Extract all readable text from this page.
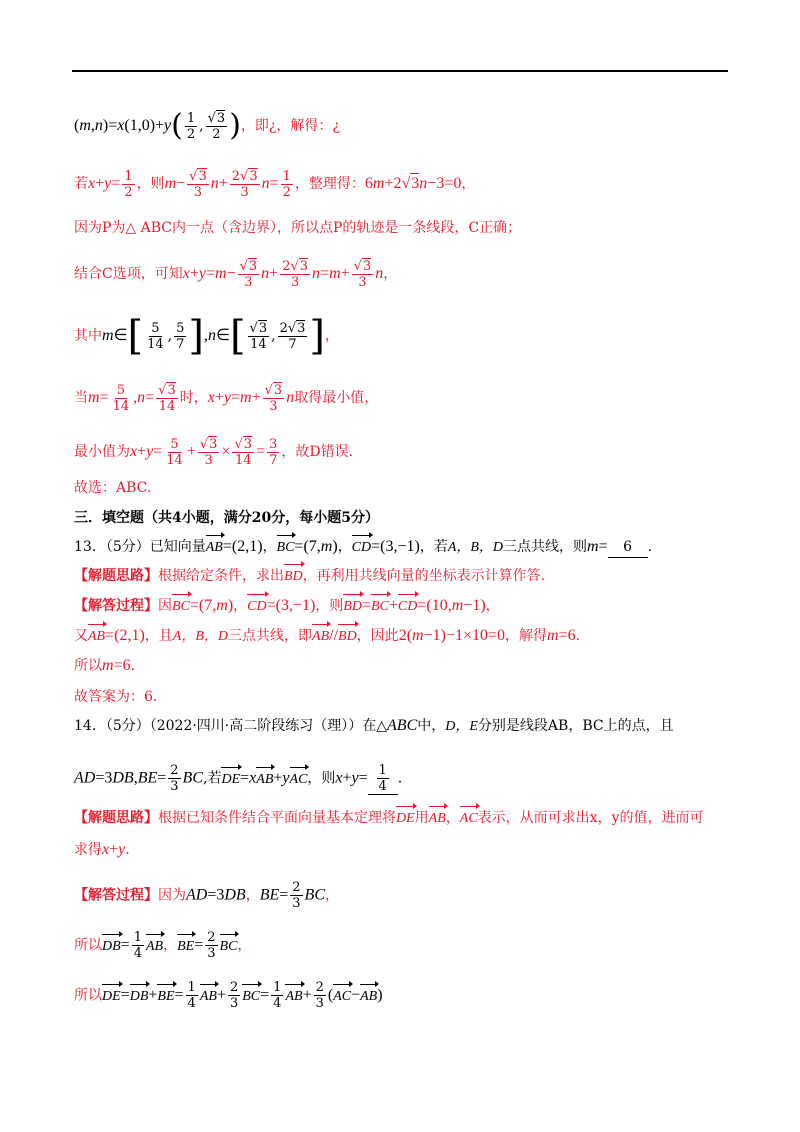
$(m,n)=x(1,0)+y( \frac{1}{2}$ , $\frac{√3}{2}$ )，即¿，解得：¿
若$x+y= \frac{1}{2}$ ，则$m- \frac{√3}{3} n+ \frac{2√3}{3} n= \frac{1}{2}$ ，整理得：6m+2√3n−3=0，
因为P为△ ABC内一点（含边界），所以点P的轨迹是一条线段，C正确；
结合C选项，可知$x+y=m- \frac{√3}{3} n+ \frac{2√3}{3} n=m+ \frac{√3}{3}$ n，
其中m∈[ $\frac{5}{14}$ , $\frac{5}{7}$ ],n∈[ $\frac{√3}{14}$ , $\frac{2√3}{7}$ ]，
当$m= \frac{5}{14} ,n= \frac{√3}{14}$ 时，$x+y=m+ \frac{√3}{3}$ n取得最小值，
最小值为$x+y= \frac{5}{14} + \frac{√3}{3} \times \frac{√3}{14} = \frac{3}{7}$ ，故D错误.
故选：ABC.
三．填空题（共4小题，满分20分，每小题5分）
13．（5分）已知向量AB=(2,1)，BC=(7,m)，CD=(3,−1)，若A，B，D三点共线，则m= 6 .
【解题思路】根据给定条件，求出BD，再利用共线向量的坐标表示计算作答.
【解答过程】因BC=(7,m)，CD=(3,−1)，则BD=BC+CD=(10,m−1)，
又AB=(2,1)，且A，B，D三点共线，即AB//BD，因此2(m−1)−1×10=0，解得m=6.
所以m=6.
故答案为：6.
14．（5分）（2022·四川·高二阶段练习（理））在△ABC中，D，E分别是线段AB，BC上的点，且
$AD=3DB,BE= \frac{2}{3}$ BC,若DE=xAB+yAC，则$x+y= \frac{1}{4}$ .
【解题思路】根据已知条件结合平面向量基本定理将DE用AB，AC表示，从而可求出x，y的值，进而可
求得x+y.
【解答过程】因为AD=3DB，$BE= \frac{2}{3}$ BC，
所以$DB= \frac{1}{4}$ AB，$BE= \frac{2}{3}$ BC，
所以$DE=DB+BE= \frac{1}{4} AB+ \frac{2}{3} BC= \frac{1}{4} AB+ \frac{2}{3} (AC-AB)$
